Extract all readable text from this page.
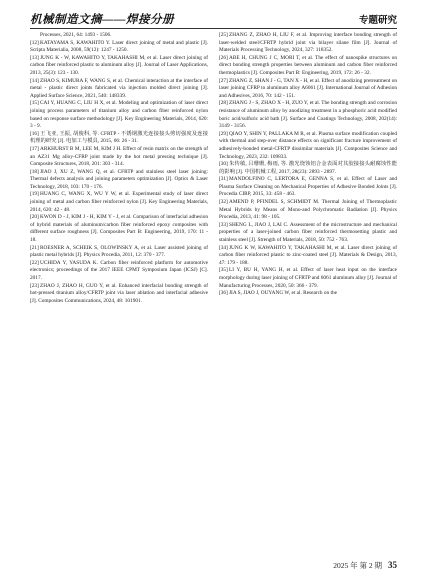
机械制造文摘——焊接分册	专题研究

Processes, 2021, 64: 1493 - 1506.

[12]KATAYAMA S, KAWAHITO Y. Laser direct joining of metal and plastic [J]. Scripta Materialia, 2008, 59(12): 1247 - 1250.

[13]JUNG K - W, KAWAHITO Y, TAKAHASHI M, et al. Laser direct joining of carbon fiber reinforced plastic to aluminum alloy [J]. Journal of Laser Applications, 2013, 25(3): 123 - 130.

[14]ZHAO S, KIMURA F, WANG S, et al. Chemical interaction at the interface of metal - plastic direct joints fabricated via injection molded direct joining [J]. Applied Surface Science, 2021, 540: 148339.

[15]CAI Y, HUANG C, LIU H X, et al. Modeling and optimization of laser direct joining process parameters of titanium alloy and carbon fiber reinforced nylon based on response surface methodology [J]. Key Engineering Materials, 2014, 620: 3 - 9.

[16]王飞亚, 王振, 胡俊科, 等. CFRTP - 不锈钢激光连接接头剪切强度及连接机理的研究 [J]. 电加工与模具, 2015, 06: 26 - 31.

[17]ARKHURST B M, LEE M, KIM J H. Effect of resin matrix on the strength of an AZ31 Mg alloy-CFRP joint made by the hot metal pressing technique [J]. Composite Structures, 2018, 201: 303 - 314.

[18]JIAO J, XU Z, WANG Q, et al. CFRTP and stainless steel laser joining: Thermal defects analysis and joining parameters optimization [J]. Optics & Laser Technology, 2018, 103: 170 - 176.

[19]HUANG C, WANG X, WU Y W, et al. Experimental study of laser direct joining of metal and carbon fiber reinforced nylon [J]. Key Engineering Materials, 2014, 620: 42 - 48.

[20]KWON D - J, KIM J - H, KIM Y - J, et al. Comparison of interfacial adhesion of hybrid materials of aluminum/carbon fiber reinforced epoxy composites with different surface roughness [J]. Composites Part B: Engineering, 2019, 170: 11 - 18.

[21]ROESNER A, SCHEIK S, OLOWINSKY A, et al. Laser assisted joining of plastic metal hybrids [J]. Physics Procedia, 2011, 12: 370 - 377.

[22]UCHIDA Y, YASUDA K. Carbon fiber reinforced platform for automotive electronics; proceedings of the 2017 IEEE CPMT Symposium Japan (ICSJ) [C]. 2017.

[23]ZHAO J, ZHAO H, GUO Y, et al. Enhanced interfacial bonding strength of hot-pressed titanium alloy/CFRTP joint via laser ablation and interfacial adhesive [J]. Composites Communications, 2024, 48: 101901.

[25]ZHANG Z, ZHAO H, LIU F, et al. Improving interface bonding strength of laser-welded steel/CFRTP hybrid joint via bilayer silane film [J]. Journal of Materials Processing Technology, 2024, 327: 118352.

[26]ABE H, CHUNG J C, MORI T, et al. The effect of nanospike structures on direct bonding strength properties between aluminum and carbon fiber reinforced thermoplastics [J]. Composites Part B: Engineering, 2019, 172: 26 - 32.

[27]ZHANG Z, SHAN J - G, TAN X - H, et al. Effect of anodizing pretreatment on laser joining CFRP to aluminum alloy A6061 [J]. International Journal of Adhesion and Adhesives, 2016, 70: 142 - 151.

[28]ZHANG J - S, ZHAO X - H, ZUO Y, et al. The bonding strength and corrosion resistance of aluminum alloy by anodizing treatment in a phosphoric acid modified boric acid/sulfuric acid bath [J]. Surface and Coatings Technology, 2008, 202(14): 3149 - 3156.

[29]QIAO Y, SHIN Y, PALLAKA M R, et al. Plasma surface modification coupled with thermal and step-over distance effects on significant fracture improvement of adhesively-bonded metal-CFRTP dissimilar materials [J]. Composites Science and Technology, 2023, 232: 109833.

[30]朱传敏, 吕珊珊, 梅雨, 等. 激光烧蚀铝合金表面对其胶接接头耐腐蚀性能的影响 [J]. 中国机械工程, 2017, 28(23): 2893 - 2897.

[31]MANDOLFINO C, LERTORA E, GENNA S, et al. Effect of Laser and Plasma Surface Cleaning on Mechanical Properties of Adhesive Bonded Joints [J]. Procedia CIRP, 2015, 33: 458 - 463.

[32]AMEND P, PFINDEL S, SCHMIDT M. Thermal Joining of Thermoplastic Metal Hybrids by Means of Mono-and Polychromatic Radiation [J]. Physics Procedia, 2013, 41: 98 - 105.

[33]SHENG L, JIAO J, LAI C. Assessment of the microstructure and mechanical properties of a laser-joined carbon fiber reinforced thermosetting plastic and stainless steel [J]. Strength of Materials, 2018, 50: 752 - 763.

[34]JUNG K W, KAWAHITO Y, TAKAHASHI M, et al. Laser direct joining of carbon fiber reinforced plastic to zinc-coated steel [J]. Materials & Design, 2013, 47: 179 - 188.

[35]LI Y, BU H, YANG H, et al. Effect of laser heat input on the interface morphology during laser joining of CFRTP and 6061 aluminum alloy [J]. Journal of Manufacturing Processes, 2020, 50: 366 - 379.

[36]JIA S, JIAO J, OUYANG W, et al. Research on the

2025 年 第 2 期 35
